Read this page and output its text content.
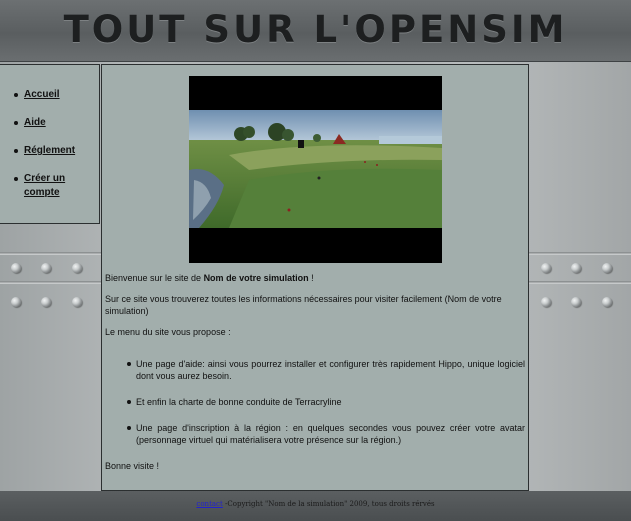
TOUT SUR L'OPENSIM
Accueil
Aide
Réglement
Créer un compte

Bienvenue sur le site de Nom de votre simulation !

Sur ce site vous trouverez toutes les informations nécessaires pour visiter facilement (Nom de votre simulation)

Le menu du site vous propose :

Une page d'aide: ainsi vous pourrez installer et configurer très rapidement Hippo, unique logiciel dont vous aurez besoin.
Et enfin la charte de bonne conduite de Terracryline
Une page d'inscription à la région : en quelques secondes vous pouvez créer votre avatar (personnage virtuel qui matérialisera votre présence sur la région.)

Bonne visite !

contact -Copyright "Nom de la simulation" 2009, tous droits rérvés
